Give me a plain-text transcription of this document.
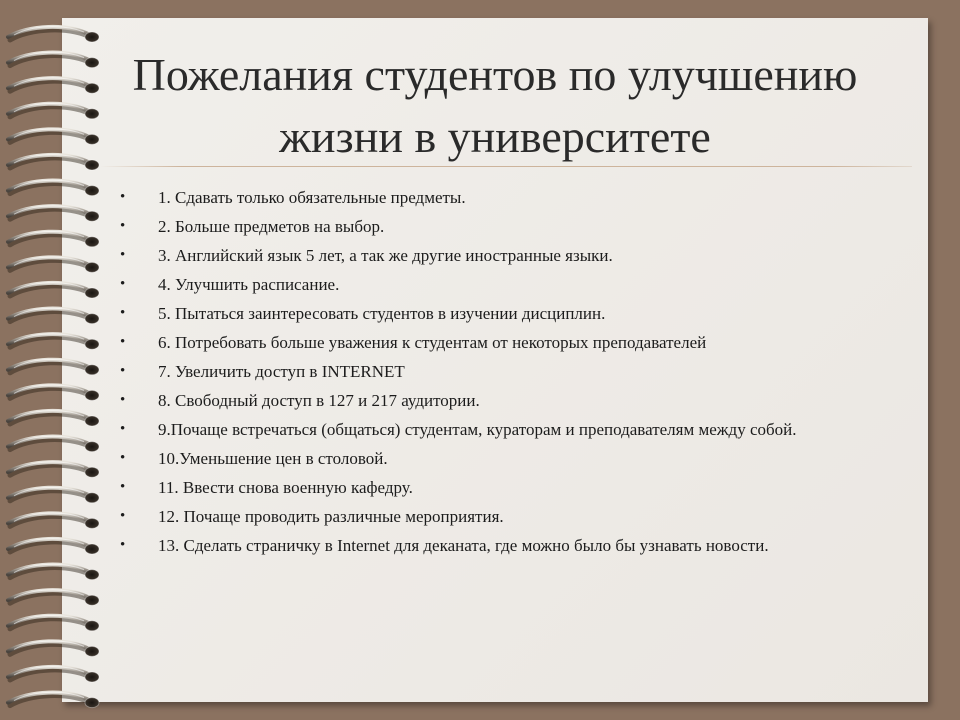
Пожелания студентов по улучшению
жизни в университете
• 1. Сдавать только обязательные предметы.
• 2. Больше предметов на выбор.
• 3. Английский язык 5 лет, а так же другие иностранные языки.
• 4. Улучшить расписание.
• 5. Пытаться заинтересовать студентов в изучении дисциплин.
• 6. Потребовать больше уважения к студентам от некоторых преподавателей
• 7. Увеличить доступ в INTERNET
• 8. Свободный доступ в 127 и 217 аудитории.
• 9.Почаще встречаться (общаться) студентам, кураторам и преподавателям между собой.
• 10.Уменьшение цен в столовой.
• 11. Ввести снова военную кафедру.
• 12. Почаще проводить различные мероприятия.
• 13. Сделать страничку в Internet для деканата, где можно было бы узнавать новости.
